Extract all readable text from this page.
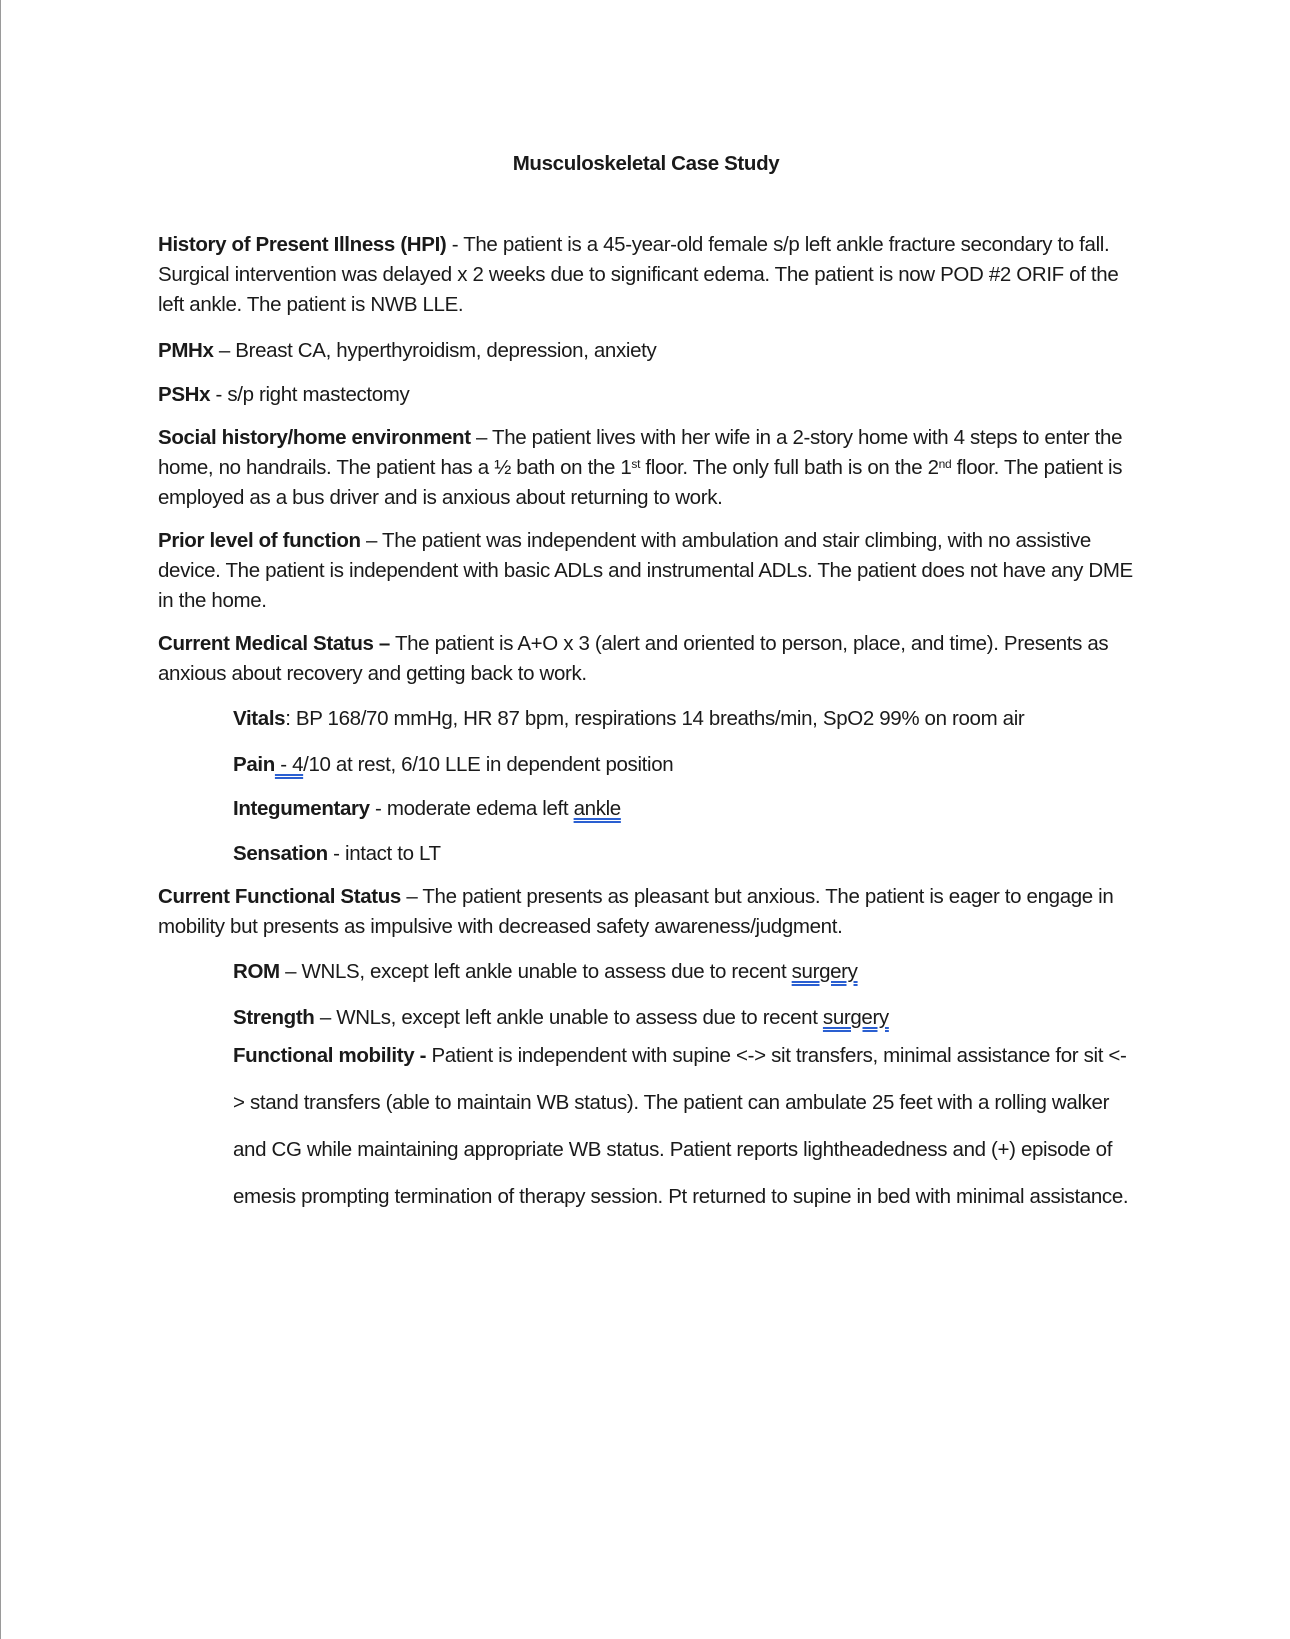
Musculoskeletal Case Study

History of Present Illness (HPI) - The patient is a 45-year-old female s/p left ankle fracture secondary to fall. Surgical intervention was delayed x 2 weeks due to significant edema. The patient is now POD #2 ORIF of the left ankle. The patient is NWB LLE.

PMHx – Breast CA, hyperthyroidism, depression, anxiety

PSHx - s/p right mastectomy

Social history/home environment – The patient lives with her wife in a 2-story home with 4 steps to enter the home, no handrails. The patient has a ½ bath on the 1st floor. The only full bath is on the 2nd floor. The patient is employed as a bus driver and is anxious about returning to work.

Prior level of function – The patient was independent with ambulation and stair climbing, with no assistive device. The patient is independent with basic ADLs and instrumental ADLs. The patient does not have any DME in the home.

Current Medical Status – The patient is A+O x 3 (alert and oriented to person, place, and time). Presents as anxious about recovery and getting back to work.

Vitals: BP 168/70 mmHg, HR 87 bpm, respirations 14 breaths/min, SpO2 99% on room air

Pain - 4/10 at rest, 6/10 LLE in dependent position

Integumentary - moderate edema left ankle

Sensation - intact to LT

Current Functional Status – The patient presents as pleasant but anxious. The patient is eager to engage in mobility but presents as impulsive with decreased safety awareness/judgment.

ROM – WNLS, except left ankle unable to assess due to recent surgery

Strength – WNLs, except left ankle unable to assess due to recent surgery

Functional mobility - Patient is independent with supine <-> sit transfers, minimal assistance for sit <-> stand transfers (able to maintain WB status). The patient can ambulate 25 feet with a rolling walker and CG while maintaining appropriate WB status. Patient reports lightheadedness and (+) episode of emesis prompting termination of therapy session. Pt returned to supine in bed with minimal assistance.
